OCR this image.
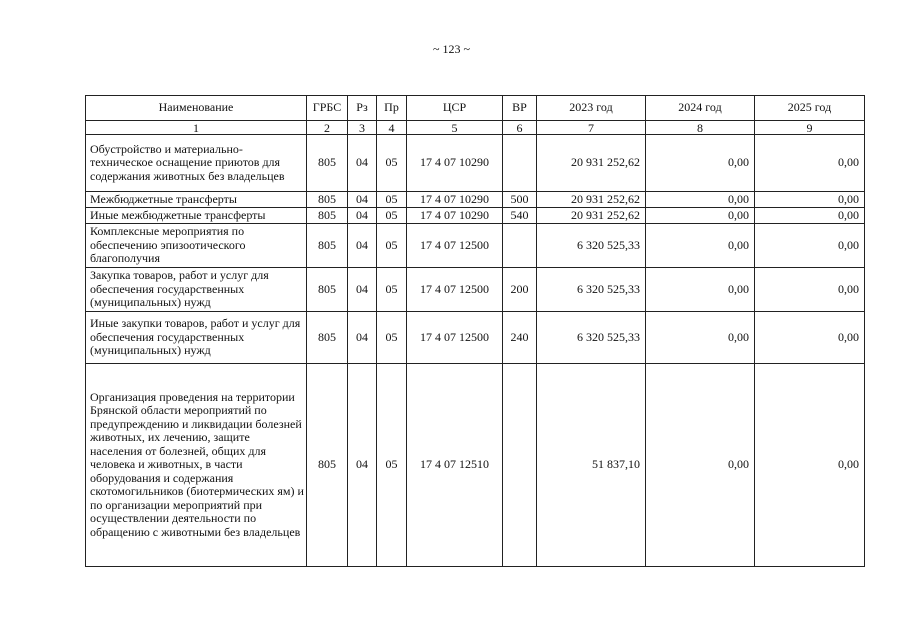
~ 123 ~
Наименование	ГРБС	Рз	Пр	ЦСР	ВР	2023 год	2024 год	2025 год
1	2	3	4	5	6	7	8	9
Обустройство и материально-техническое оснащение приютов для содержания животных без владельцев	805	04	05	17 4 07 10290		20 931 252,62	0,00	0,00
Межбюджетные трансферты	805	04	05	17 4 07 10290	500	20 931 252,62	0,00	0,00
Иные межбюджетные трансферты	805	04	05	17 4 07 10290	540	20 931 252,62	0,00	0,00
Комплексные мероприятия по обеспечению эпизоотического благополучия	805	04	05	17 4 07 12500		6 320 525,33	0,00	0,00
Закупка товаров, работ и услуг для обеспечения государственных (муниципальных) нужд	805	04	05	17 4 07 12500	200	6 320 525,33	0,00	0,00
Иные закупки товаров, работ и услуг для обеспечения государственных (муниципальных) нужд	805	04	05	17 4 07 12500	240	6 320 525,33	0,00	0,00
Организация проведения на территории Брянской области мероприятий по предупреждению и ликвидации болезней животных, их лечению, защите населения от болезней, общих для человека и животных, в части оборудования и содержания скотомогильников (биотермических ям) и по организации мероприятий при осуществлении деятельности по обращению с животными без владельцев	805	04	05	17 4 07 12510		51 837,10	0,00	0,00
